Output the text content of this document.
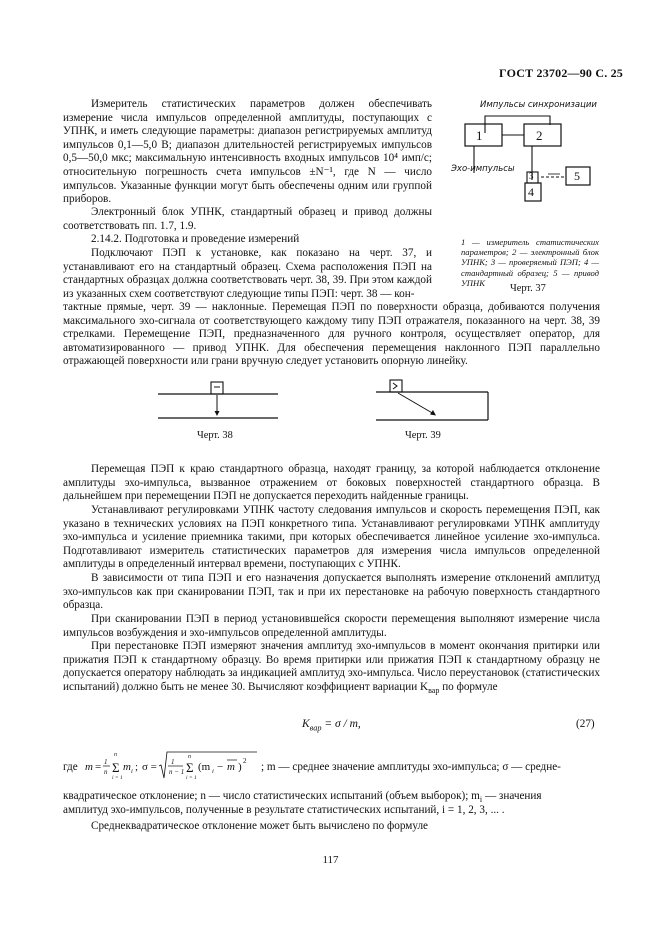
ГОСТ 23702—90 С. 25

Измеритель статистических параметров должен обеспечивать измерение числа импульсов определенной амплитуды, поступающих с УПНК, и иметь следующие параметры: диапазон регистрируемых амплитуд импульсов 0,1—5,0 В; диапазон длительностей регистрируемых импульсов 0,5—50,0 мкс; максимальную интенсивность входных импульсов 10⁴ имп/с; относительную погрешность счета импульсов ±N⁻¹, где N — число импульсов. Указанные функции могут быть обеспечены одним или группой приборов.

Электронный блок УПНК, стандартный образец и привод должны соответствовать пп. 1.7, 1.9.

2.14.2. Подготовка и проведение измерений

Подключают ПЭП к установке, как показано на черт. 37, и устанавливают его на стандартный образец. Схема расположения ПЭП на стандартных образцах должна соответствовать черт. 38, 39. При этом каждой из указанных схем соответствуют следующие типы ПЭП: черт. 38 — кон-

тактные прямые, черт. 39 — наклонные. Перемещая ПЭП по поверхности образца, добиваются получения максимального эхо-сигнала от соответствующего каждому типу ПЭП отражателя, показанного на черт. 38, 39 стрелками. Перемещение ПЭП, предназначенного для ручного контроля, осуществляет оператор, для автоматизированного — привод УПНК. Для обеспечения перемещения наклонного ПЭП параллельно отражающей поверхности или грани вручную следует установить опорную линейку.

Импульсы синхронизации
Эхо-импульсы
1	2
3
4
5
1 — измеритель статистических параметров; 2 — электронный блок УПНК; 3 — проверяемый ПЭП; 4 — стандартный образец; 5 — привод УПНК
Черт. 37
Черт. 38	Черт. 39

Перемещая ПЭП к краю стандартного образца, находят границу, за которой наблюдается отклонение амплитуды эхо-импульса, вызванное отражением от боковых поверхностей стандартного образца. В дальнейшем при перемещении ПЭП не допускается переходить найденные границы.

Устанавливают регулировками УПНК частоту следования импульсов и скорость перемещения ПЭП, как указано в технических условиях на ПЭП конкретного типа. Устанавливают регулировками УПНК амплитуду эхо-импульса и усиление приемника такими, при которых обеспечивается линейное усиление эхо-импульса. Подготавливают измеритель статистических параметров для измерения числа импульсов определенной амплитуды в определенный интервал времени, поступающих с УПНК.

В зависимости от типа ПЭП и его назначения допускается выполнять измерение отклонений амплитуд эхо-импульсов как при сканировании ПЭП, так и при их перестановке на рабочую поверхность стандартного образца.

При сканировании ПЭП в период установившейся скорости перемещения выполняют измерение числа импульсов возбуждения и эхо-импульсов определенной амплитуды.

При перестановке ПЭП измеряют значения амплитуд эхо-импульсов в момент окончания притирки или прижатия ПЭП к стандартному образцу. Во время притирки или прижатия ПЭП к стандартному образцу не допускается оператору наблюдать за индикацией амплитуд эхо-импульса. Число переустановок (статистических испытаний) должно быть не менее 30. Вычисляют коэффициент вариации $K_{вар}$ по формуле

$K_{вар} = \sigma / m$,	(27)
где m = 1
n
n
Σ
i = 1
m i ; σ = 1
n − 1
n
Σ
i = 1
(m i − m ) 2 ; m — среднее значение амплитуды эхо-импульса; σ — средне-

квадратическое отклонение; n — число статистических испытаний (объем выборок); $m_i$ — значения

амплитуд эхо-импульсов, полученные в результате статистических испытаний, i = 1, 2, 3, ... .

Среднеквадратическое отклонение может быть вычислено по формуле

117
